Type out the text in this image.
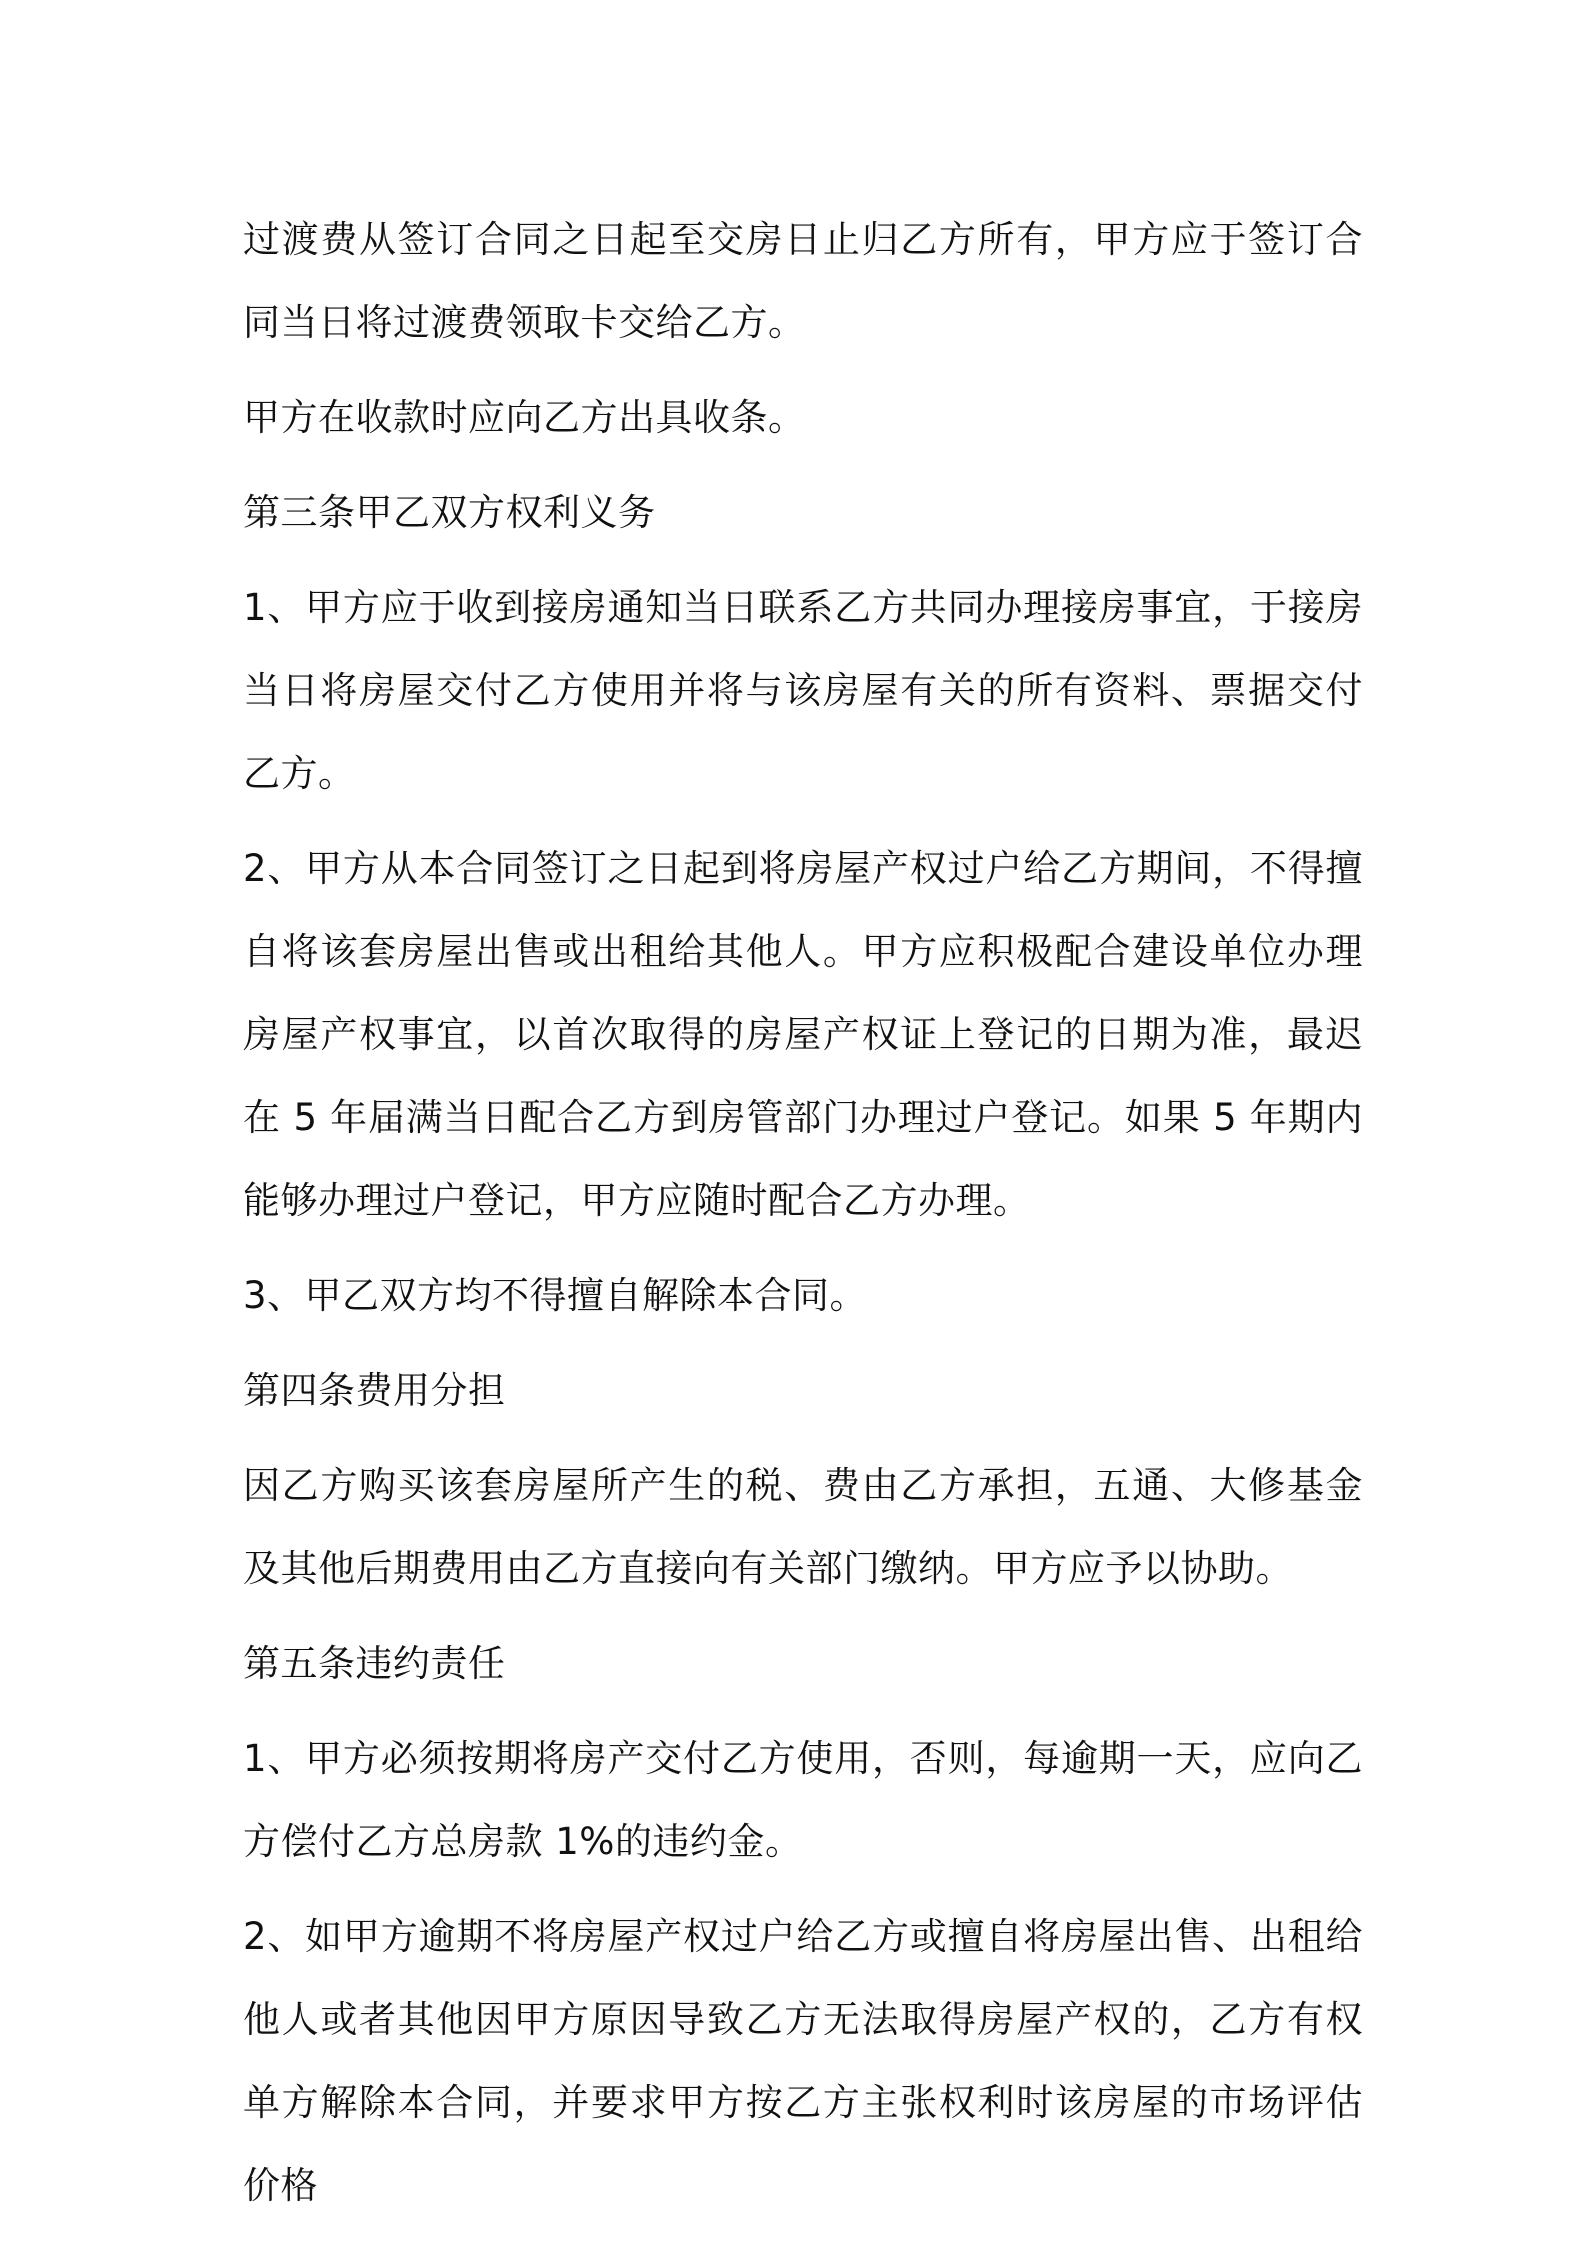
过渡费从签订合同之日起至交房日止归乙方所有，甲方应于签订合同当日将过渡费领取卡交给乙方。

甲方在收款时应向乙方出具收条。

第三条甲乙双方权利义务

1、甲方应于收到接房通知当日联系乙方共同办理接房事宜，于接房当日将房屋交付乙方使用并将与该房屋有关的所有资料、票据交付乙方。

2、甲方从本合同签订之日起到将房屋产权过户给乙方期间，不得擅自将该套房屋出售或出租给其他人。甲方应积极配合建设单位办理房屋产权事宜，以首次取得的房屋产权证上登记的日期为准，最迟在 5 年届满当日配合乙方到房管部门办理过户登记。如果 5 年期内能够办理过户登记，甲方应随时配合乙方办理。

3、甲乙双方均不得擅自解除本合同。

第四条费用分担

因乙方购买该套房屋所产生的税、费由乙方承担，五通、大修基金及其他后期费用由乙方直接向有关部门缴纳。甲方应予以协助。

第五条违约责任

1、甲方必须按期将房产交付乙方使用，否则，每逾期一天，应向乙方偿付乙方总房款 1%的违约金。

2、如甲方逾期不将房屋产权过户给乙方或擅自将房屋出售、出租给他人或者其他因甲方原因导致乙方无法取得房屋产权的，乙方有权单方解除本合同，并要求甲方按乙方主张权利时该房屋的市场评估价格
